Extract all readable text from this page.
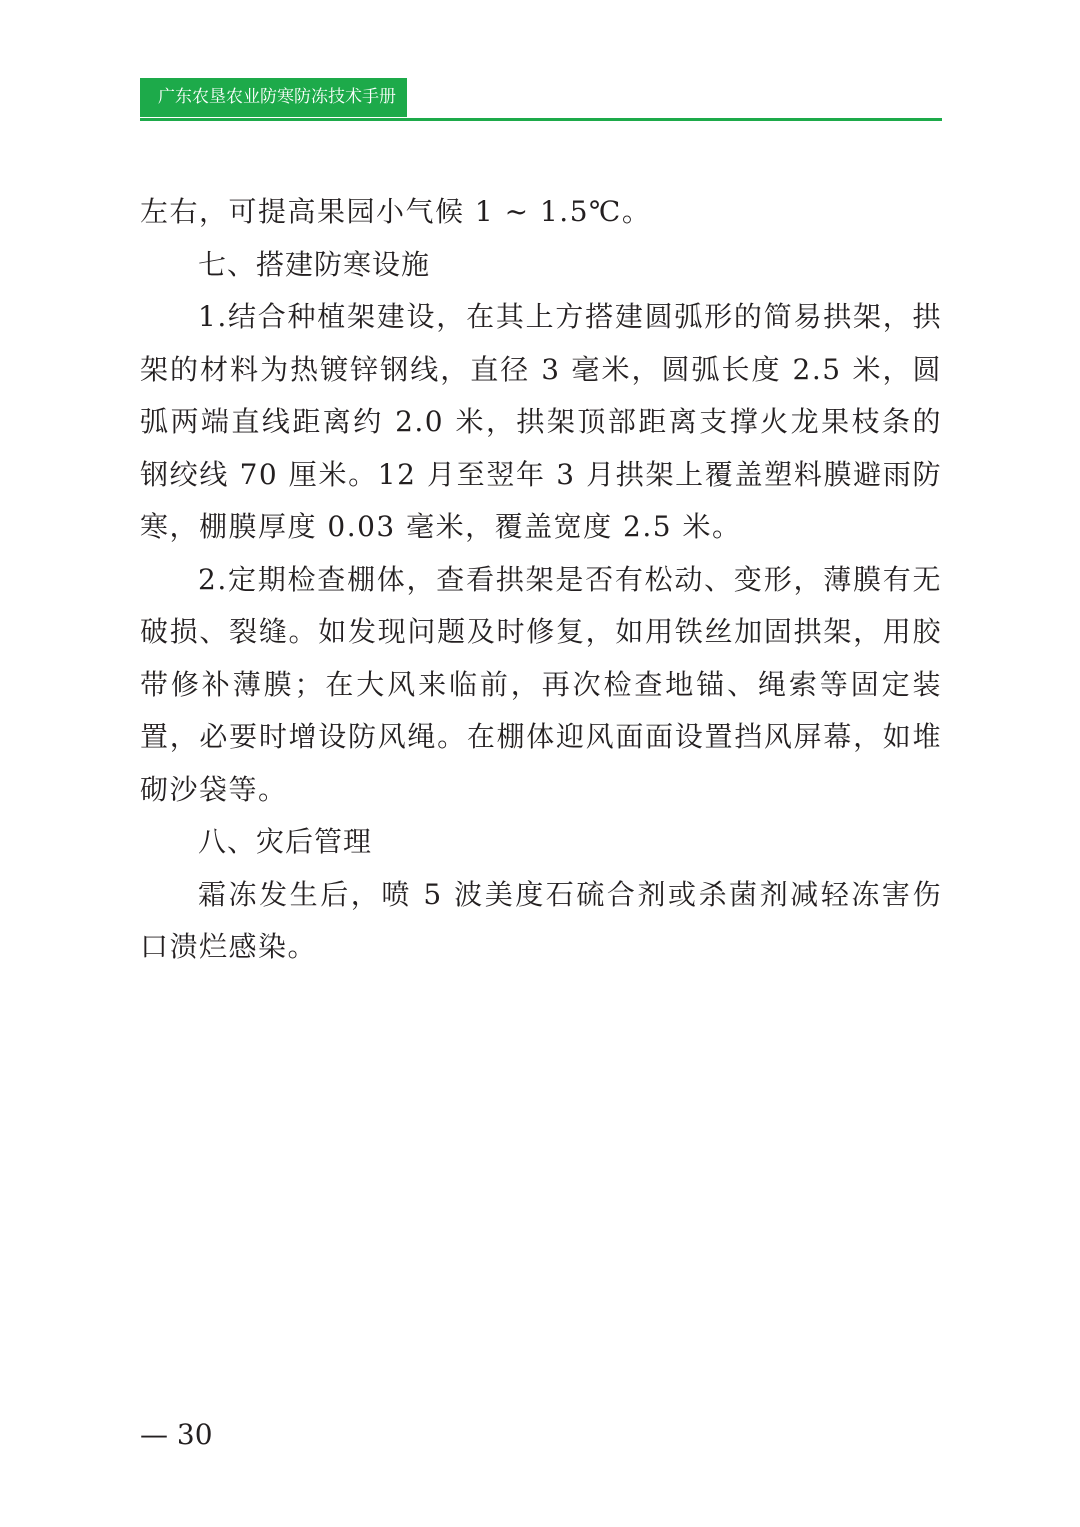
广东农垦农业防寒防冻技术手册

左右，可提高果园小气候 1 ~ 1.5℃。

七、搭建防寒设施

1.结合种植架建设，在其上方搭建圆弧形的简易拱架，拱架的材料为热镀锌钢线，直径 3 毫米，圆弧长度 2.5 米，圆弧两端直线距离约 2.0 米，拱架顶部距离支撑火龙果枝条的钢绞线 70 厘米。12 月至翌年 3 月拱架上覆盖塑料膜避雨防寒，棚膜厚度 0.03 毫米，覆盖宽度 2.5 米。

2.定期检查棚体，查看拱架是否有松动、变形，薄膜有无破损、裂缝。如发现问题及时修复，如用铁丝加固拱架，用胶带修补薄膜；在大风来临前，再次检查地锚、绳索等固定装置，必要时增设防风绳。在棚体迎风面面设置挡风屏幕，如堆砌沙袋等。

八、灾后管理

霜冻发生后，喷 5 波美度石硫合剂或杀菌剂减轻冻害伤口溃烂感染。

— 30
